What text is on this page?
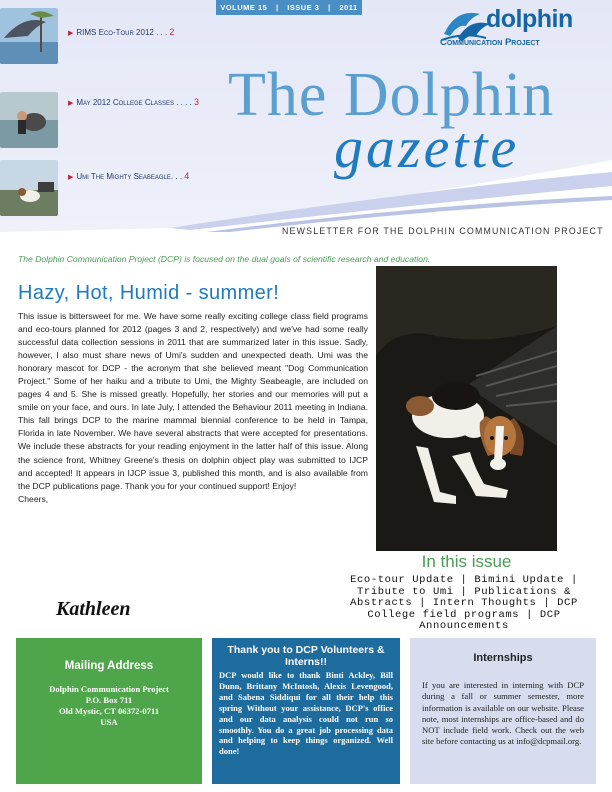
▶ RIMS Eco-Tour 2012 . . . 2
▶ May 2012 College Classes . . . . 3
▶ Umi The Mighty Seabeagle. . . 4
VOLUME 15 | ISSUE 3 | 2011	dolphin
Communication Project
The Dolphin
gazette
NEWSLETTER FOR THE DOLPHIN COMMUNICATION PROJECT
The Dolphin Communication Project (DCP) is focused on the dual goals of scientific research and education.
Hazy, Hot, Humid - summer!
This issue is bittersweet for me. We have some really exciting college class field programs and eco-tours planned for 2012 (pages 3 and 2, respectively) and we've had some really successful data collection sessions in 2011 that are summarized later in this issue. Sadly, however, I also must share news of Umi's sudden and unexpected death. Umi was the honorary mascot for DCP - the acronym that she believed meant "Dog Communication Project." Some of her haiku and a tribute to Umi, the Mighty Seabeagle, are included on pages 4 and 5. She is missed greatly. Hopefully, her stories and our memories will put a smile on your face, and ours. In late July, I attended the Behaviour 2011 meeting in Indiana. This fall brings DCP to the marine mammal biennial conference to be held in Tampa, Florida in late November. We have several abstracts that were accepted for presentations. We include these abstracts for your reading enjoyment in the latter half of this issue. Along the science front, Whitney Greene's thesis on dolphin object play was submitted to IJCP and accepted! It appears in IJCP issue 3, published this month, and is also available from the DCP publications page. Thank you for your continued support! Enjoy!
Cheers,
Kathleen
In this issue
Eco-tour Update | Bimini Update | Tribute to Umi | Publications & Abstracts | Intern Thoughts | DCP College field programs | DCP Announcements
Mailing Address
Dolphin Communication Project
P.O. Box 711
Old Mystic, CT 06372-0711
USA
Thank you to DCP Volunteers & Interns!!

DCP would like to thank Binti Ackley, Bill Dunn, Brittany McIntosh, Alexis Levengood, and Sabena Siddiqui for all their help this spring Without your assistance, DCP's office and our data analysis could not run so smoothly. You do a great job processing data and helping to keep things organized. Well done!

Internships

If you are interested in interning with DCP during a fall or summer semester, more information is available on our website. Please note, most internships are office-based and do NOT include field work. Check out the web site before contacting us at info@dcpmail.org.
